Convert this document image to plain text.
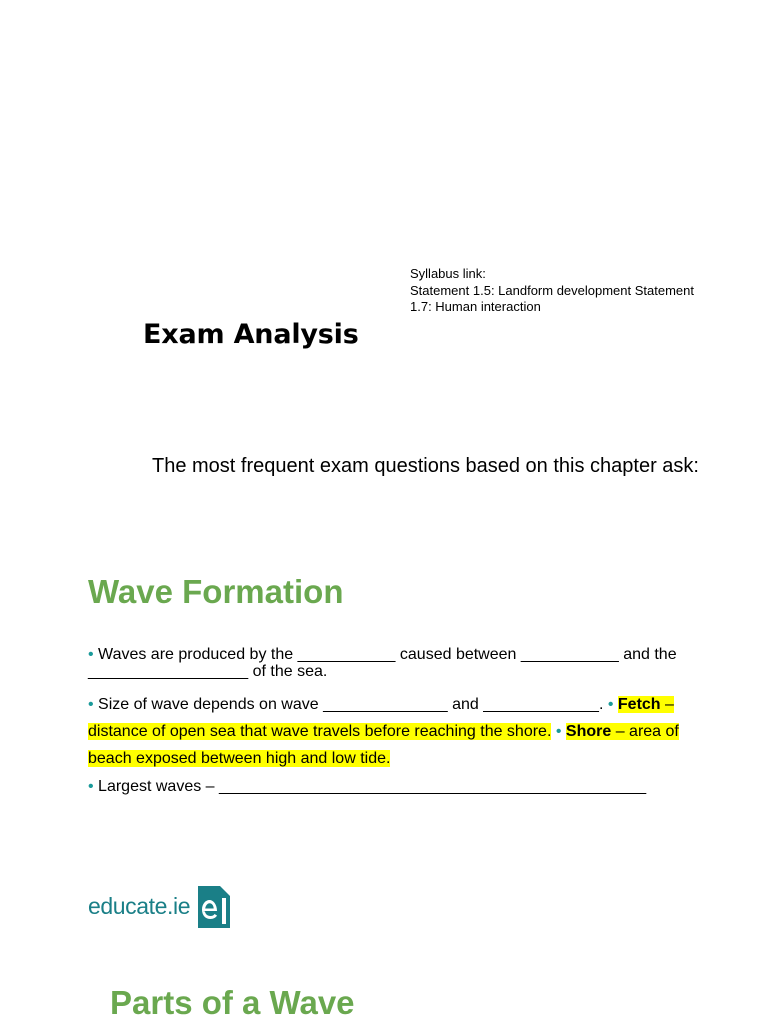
Syllabus link:
Statement 1.5: Landform development Statement
1.7: Human interaction
Exam Analysis

The most frequent exam questions based on this chapter ask:

Wave Formation

• Waves are produced by the ___________ caused between ___________ and the __________________ of the sea.

• Size of wave depends on wave ______________ and _____________. • Fetch – distance of open sea that wave travels before reaching the shore. • Shore – area of beach exposed between high and low tide.

• Largest waves – ________________________________________________

educate.ie
Parts of a Wave
